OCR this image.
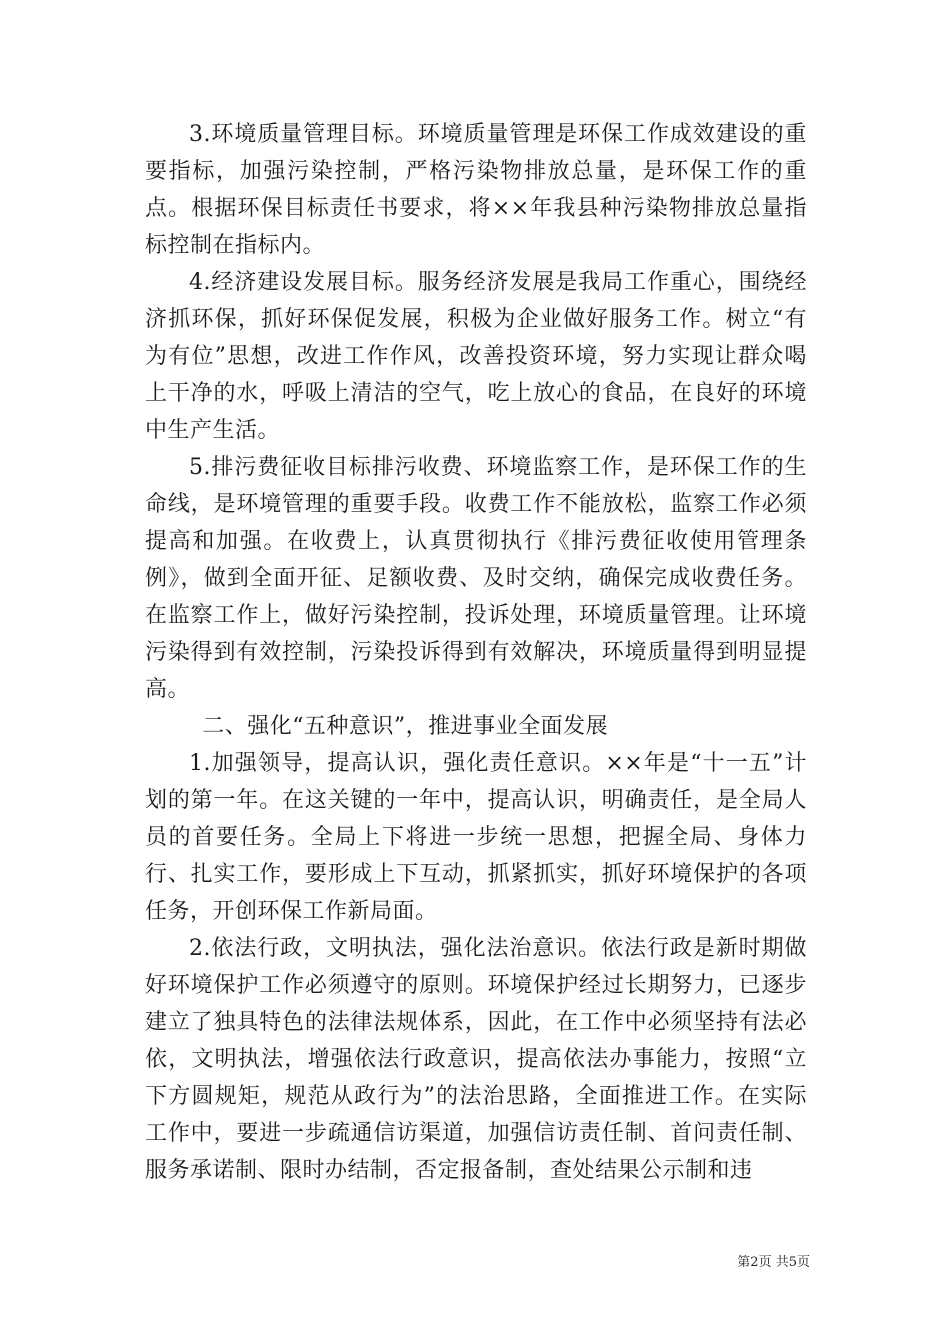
3.环境质量管理目标。环境质量管理是环保工作成效建设的重要指标，加强污染控制，严格污染物排放总量，是环保工作的重点。根据环保目标责任书要求，将××年我县种污染物排放总量指标控制在指标内。

4.经济建设发展目标。服务经济发展是我局工作重心，围绕经济抓环保，抓好环保促发展，积极为企业做好服务工作。树立“有为有位”思想，改进工作作风，改善投资环境，努力实现让群众喝上干净的水，呼吸上清洁的空气，吃上放心的食品，在良好的环境中生产生活。

5.排污费征收目标排污收费、环境监察工作，是环保工作的生命线，是环境管理的重要手段。收费工作不能放松，监察工作必须提高和加强。在收费上，认真贯彻执行《排污费征收使用管理条例》，做到全面开征、足额收费、及时交纳，确保完成收费任务。在监察工作上，做好污染控制，投诉处理，环境质量管理。让环境污染得到有效控制，污染投诉得到有效解决，环境质量得到明显提高。

二、强化“五种意识”，推进事业全面发展

1.加强领导，提高认识，强化责任意识。××年是“十一五”计划的第一年。在这关键的一年中，提高认识，明确责任，是全局人员的首要任务。全局上下将进一步统一思想，把握全局、身体力行、扎实工作，要形成上下互动，抓紧抓实，抓好环境保护的各项任务，开创环保工作新局面。

2.依法行政，文明执法，强化法治意识。依法行政是新时期做好环境保护工作必须遵守的原则。环境保护经过长期努力，已逐步建立了独具特色的法律法规体系，因此，在工作中必须坚持有法必依，文明执法，增强依法行政意识，提高依法办事能力，按照“立下方圆规矩，规范从政行为”的法治思路，全面推进工作。在实际工作中，要进一步疏通信访渠道，加强信访责任制、首问责任制、服务承诺制、限时办结制，否定报备制，查处结果公示制和违

第2页 共5页
